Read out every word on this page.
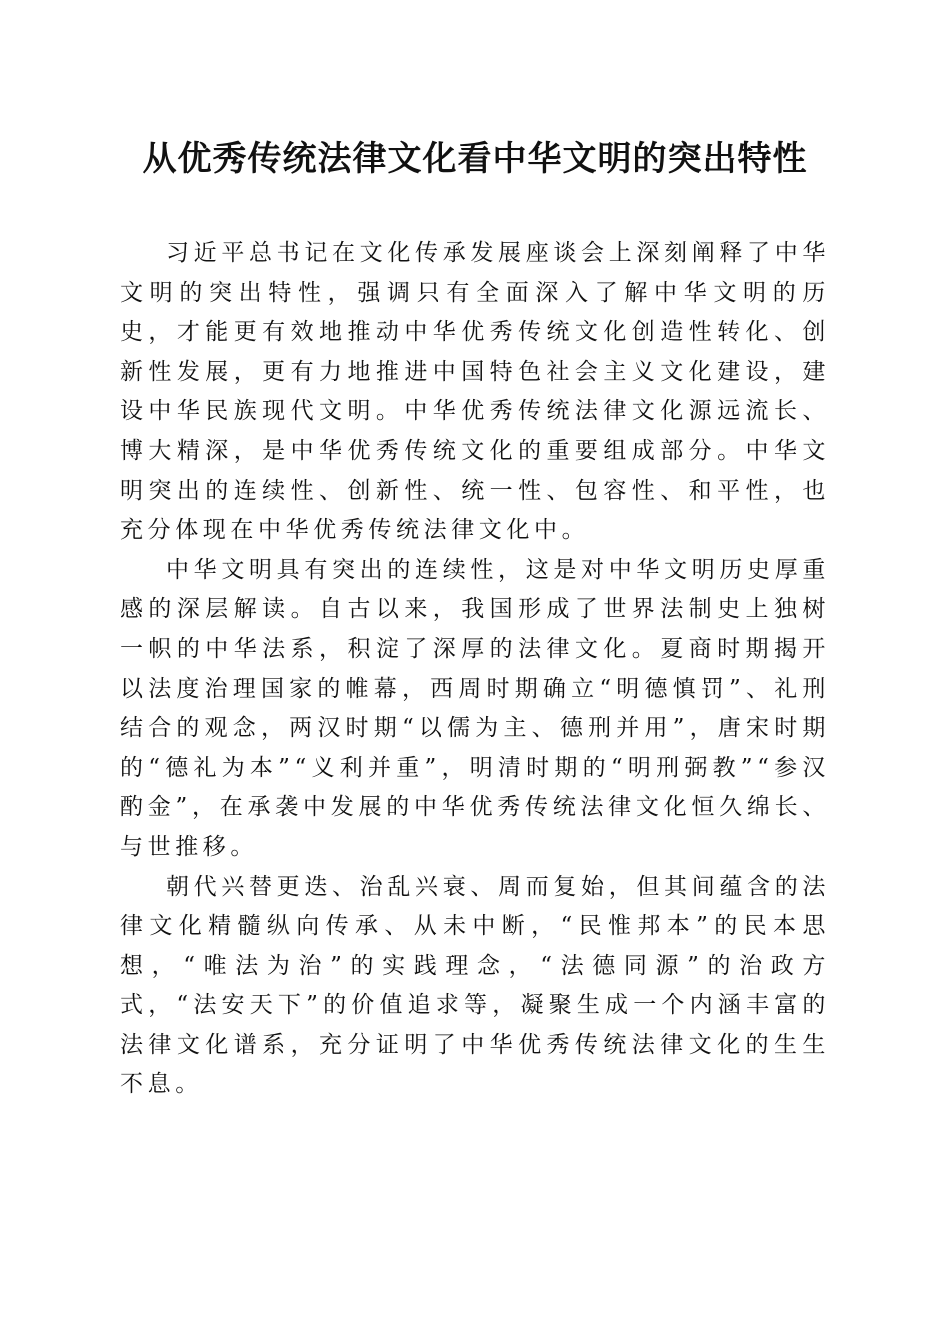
从优秀传统法律文化看中华文明的突出特性

习近平总书记在文化传承发展座谈会上深刻阐释了中华文明的突出特性，强调只有全面深入了解中华文明的历史，才能更有效地推动中华优秀传统文化创造性转化、创新性发展，更有力地推进中国特色社会主义文化建设，建设中华民族现代文明。中华优秀传统法律文化源远流长、博大精深，是中华优秀传统文化的重要组成部分。中华文明突出的连续性、创新性、统一性、包容性、和平性，也充分体现在中华优秀传统法律文化中。

中华文明具有突出的连续性，这是对中华文明历史厚重感的深层解读。自古以来，我国形成了世界法制史上独树一帜的中华法系，积淀了深厚的法律文化。夏商时期揭开以法度治理国家的帷幕，西周时期确立“明德慎罚”、礼刑结合的观念，两汉时期“以儒为主、德刑并用”，唐宋时期的“德礼为本”“义利并重”，明清时期的“明刑弼教”“参汉酌金”，在承袭中发展的中华优秀传统法律文化恒久绵长、与世推移。

朝代兴替更迭、治乱兴衰、周而复始，但其间蕴含的法律文化精髓纵向传承、从未中断，“民惟邦本”的民本思想，“唯法为治”的实践理念，“法德同源”的治政方式，“法安天下”的价值追求等，凝聚生成一个内涵丰富的法律文化谱系，充分证明了中华优秀传统法律文化的生生不息。
